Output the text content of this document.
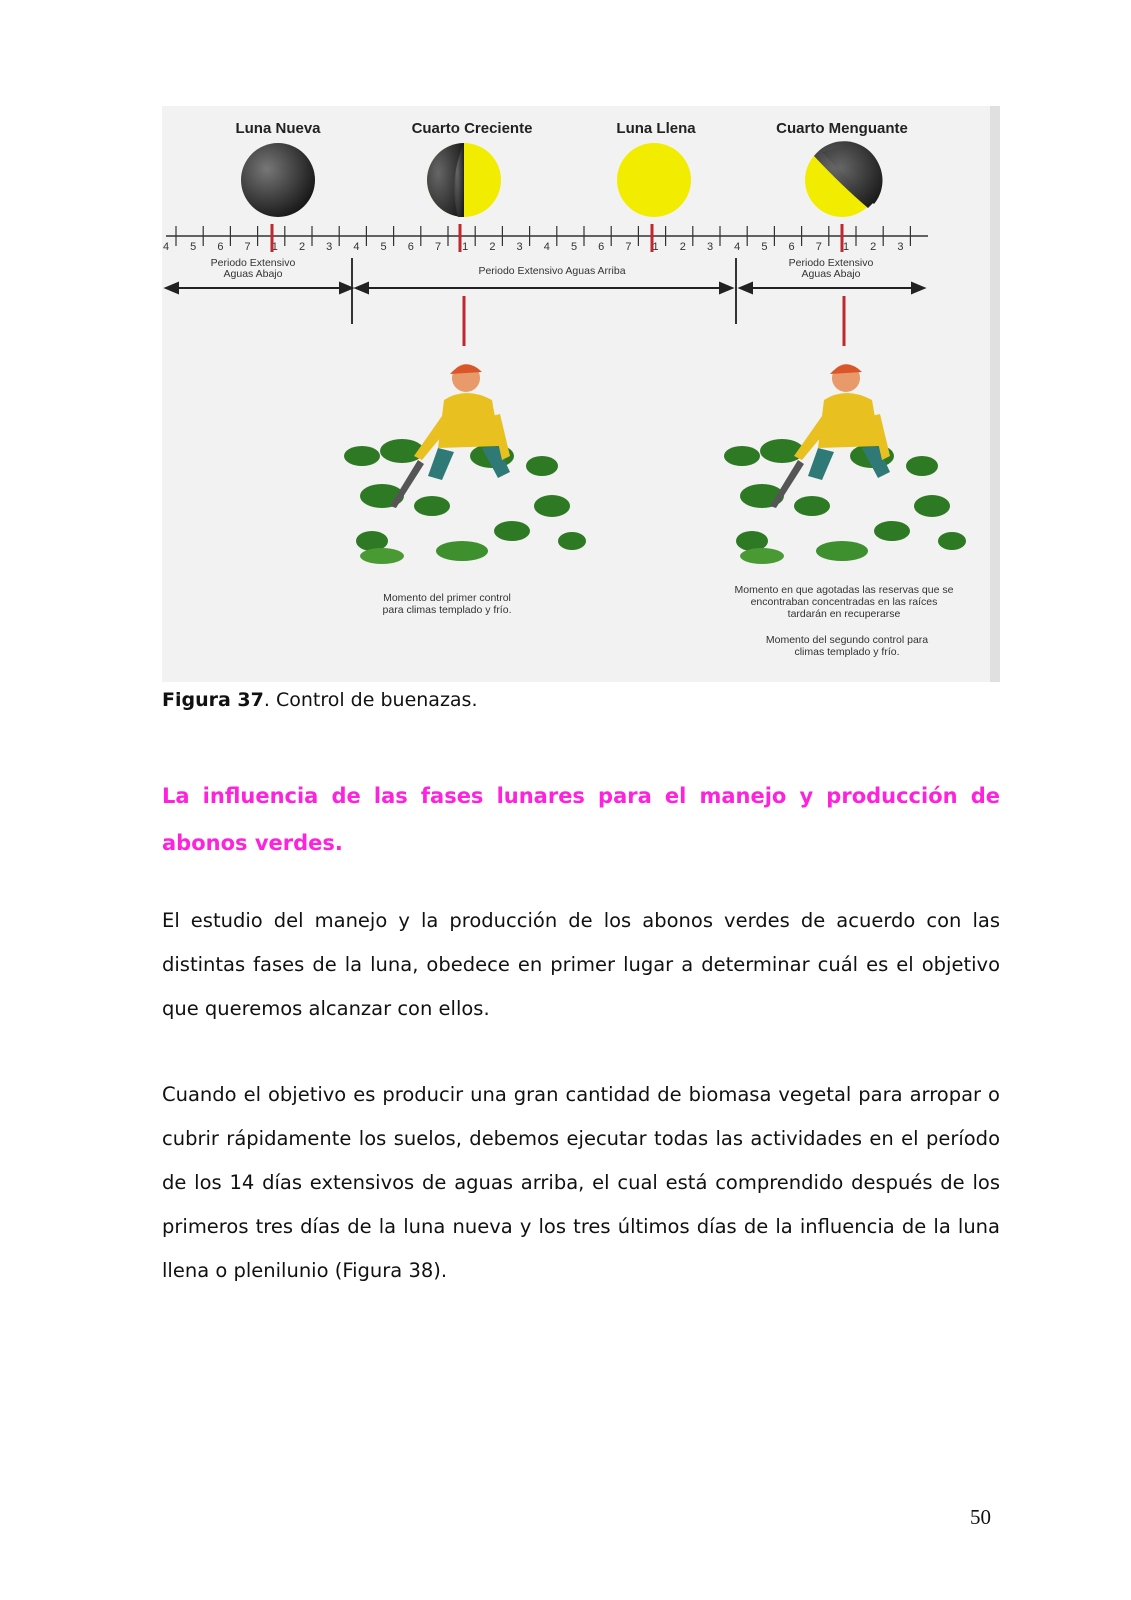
4 5 6 7 1 2 3 4 5 6 7 1 2 3 4 5 6 7 1 2 3 4 5 6 7 1 2 3
Luna Nueva	Cuarto Creciente	Luna Llena	Cuarto Menguante
Periodo Extensivo Aguas Abajo	Periodo Extensivo Aguas Arriba
Periodo Extensivo Aguas Abajo
Momento del primer control para climas templado y frío.
Momento en que agotadas las reservas que se encontraban concentradas en las raíces tardarán en recuperarse
Momento del segundo control para climas templado y frío.
Figura 37. Control de buenazas.
La influencia de las fases lunares para el manejo y producción de abonos verdes.
El estudio del manejo y la producción de los abonos verdes de acuerdo con las distintas fases de la luna, obedece en primer lugar a determinar cuál es el objetivo que queremos alcanzar con ellos.
Cuando el objetivo es producir una gran cantidad de biomasa vegetal para arropar o cubrir rápidamente los suelos, debemos ejecutar todas las actividades en el período de los 14 días extensivos de aguas arriba, el cual está comprendido después de los primeros tres días de la luna nueva y los tres últimos días de la influencia de la luna llena o plenilunio (Figura 38).
50
